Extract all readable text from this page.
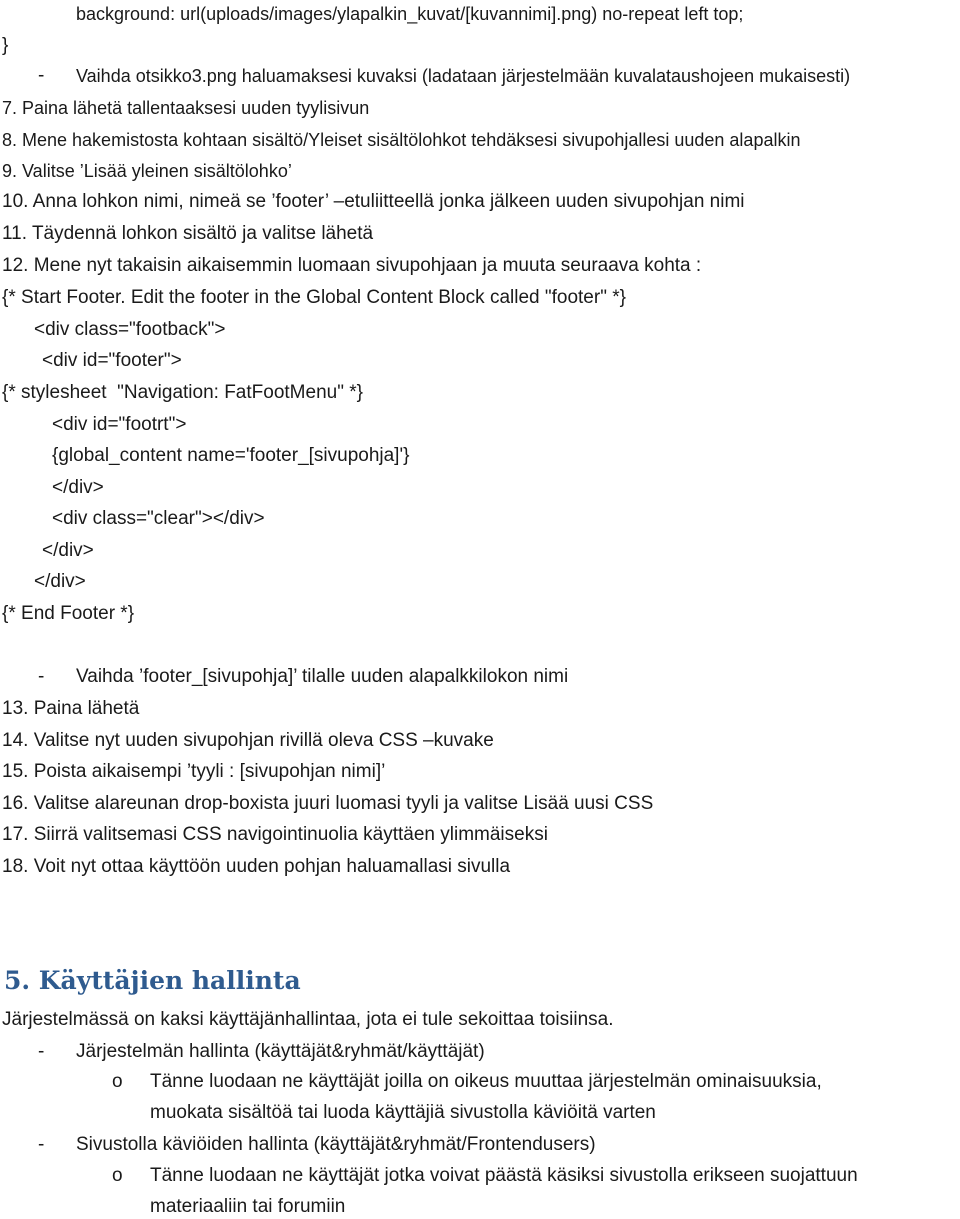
background: url(uploads/images/ylapalkin_kuvat/[kuvannimi].png) no-repeat left top;
}
- Vaihda otsikko3.png haluamaksesi kuvaksi (ladataan järjestelmään kuvalataushojeen mukaisesti)
7. Paina lähetä tallentaaksesi uuden tyylisivun
8. Mene hakemistosta kohtaan sisältö/Yleiset sisältölohkot tehdäksesi sivupohjallesi uuden alapalkin
9. Valitse ’Lisää yleinen sisältölohko’
10. Anna lohkon nimi, nimeä se ’footer’ –etuliitteellä jonka jälkeen uuden sivupohjan nimi
11. Täydennä lohkon sisältö ja valitse lähetä
12. Mene nyt takaisin aikaisemmin luomaan sivupohjaan ja muuta seuraava kohta :
{* Start Footer. Edit the footer in the Global Content Block called "footer" *}
<div class="footback">
<div id="footer">
{* stylesheet  "Navigation: FatFootMenu" *}
<div id="footrt">
{global_content name='footer_[sivupohja]'}
</div>
<div class="clear"></div>
</div>
</div>
{* End Footer *}
- Vaihda ’footer_[sivupohja]’ tilalle uuden alapalkkilokon nimi
13. Paina lähetä
14. Valitse nyt uuden sivupohjan rivillä oleva CSS –kuvake
15. Poista aikaisempi ’tyyli : [sivupohjan nimi]’
16. Valitse alareunan drop-boxista juuri luomasi tyyli ja valitse Lisää uusi CSS
17. Siirrä valitsemasi CSS navigointinuolia käyttäen ylimmäiseksi
18. Voit nyt ottaa käyttöön uuden pohjan haluamallasi sivulla
5. Käyttäjien hallinta
Järjestelmässä on kaksi käyttäjänhallintaa, jota ei tule sekoittaa toisiinsa.
- Järjestelmän hallinta (käyttäjät&ryhmät/käyttäjät)
o Tänne luodaan ne käyttäjät joilla on oikeus muuttaa järjestelmän ominaisuuksia,
muokata sisältöä tai luoda käyttäjiä sivustolla käviöitä varten
- Sivustolla käviöiden hallinta (käyttäjät&ryhmät/Frontendusers)
o Tänne luodaan ne käyttäjät jotka voivat päästä käsiksi sivustolla erikseen suojattuun
materiaaliin tai forumiin
